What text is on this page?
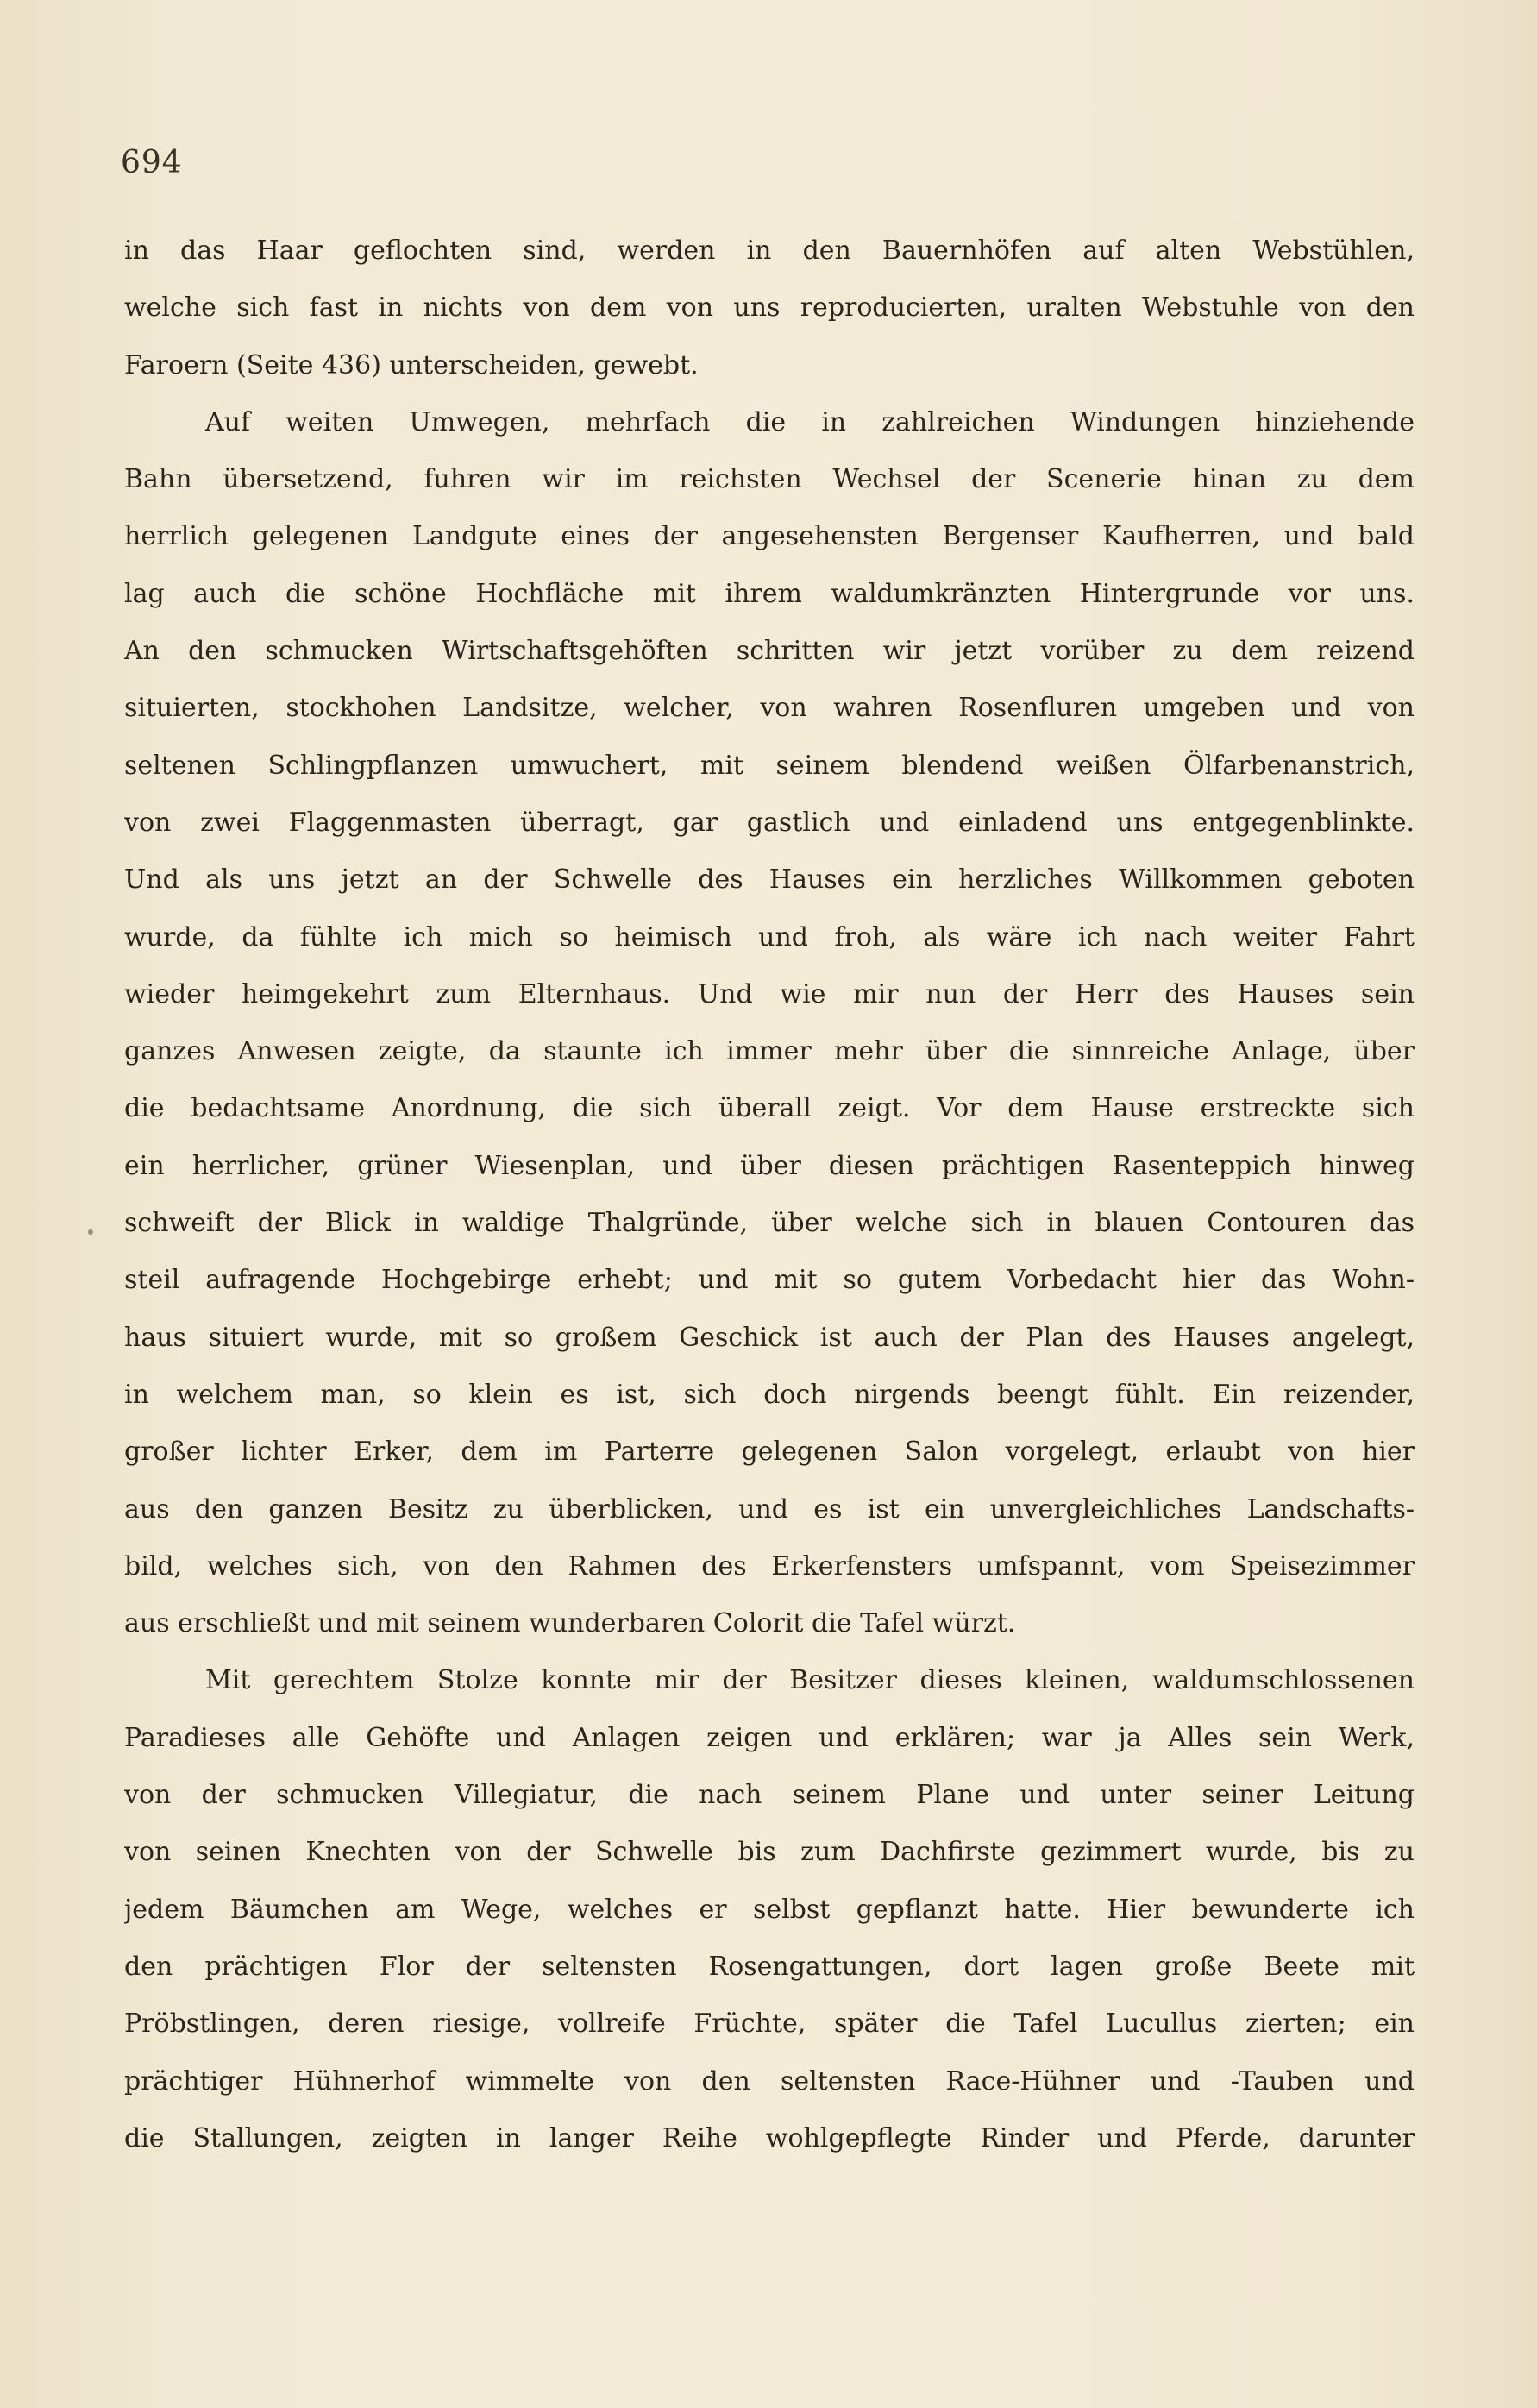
694
in das Haar geflochten sind, werden in den Bauernhöfen auf alten Webstühlen,
welche sich fast in nichts von dem von uns reproducierten, uralten Webstuhle von den
Faroern (Seite 436) unterscheiden, gewebt.
Auf weiten Umwegen, mehrfach die in zahlreichen Windungen hinziehende
Bahn übersetzend, fuhren wir im reichsten Wechsel der Scenerie hinan zu dem
herrlich gelegenen Landgute eines der angesehensten Bergenser Kaufherren, und bald
lag auch die schöne Hochfläche mit ihrem waldumkränzten Hintergrunde vor uns.
An den schmucken Wirtschaftsgehöften schritten wir jetzt vorüber zu dem reizend
situierten, stockhohen Landsitze, welcher, von wahren Rosenfluren umgeben und von
seltenen Schlingpflanzen umwuchert, mit seinem blendend weißen Ölfarbenanstrich,
von zwei Flaggenmasten überragt, gar gastlich und einladend uns entgegenblinkte.
Und als uns jetzt an der Schwelle des Hauses ein herzliches Willkommen geboten
wurde, da fühlte ich mich so heimisch und froh, als wäre ich nach weiter Fahrt
wieder heimgekehrt zum Elternhaus. Und wie mir nun der Herr des Hauses sein
ganzes Anwesen zeigte, da staunte ich immer mehr über die sinnreiche Anlage, über
die bedachtsame Anordnung, die sich überall zeigt. Vor dem Hause erstreckte sich
ein herrlicher, grüner Wiesenplan, und über diesen prächtigen Rasenteppich hinweg
schweift der Blick in waldige Thalgründe, über welche sich in blauen Contouren das
steil aufragende Hochgebirge erhebt; und mit so gutem Vorbedacht hier das Wohn-
haus situiert wurde, mit so großem Geschick ist auch der Plan des Hauses angelegt,
in welchem man, so klein es ist, sich doch nirgends beengt fühlt. Ein reizender,
großer lichter Erker, dem im Parterre gelegenen Salon vorgelegt, erlaubt von hier
aus den ganzen Besitz zu überblicken, und es ist ein unvergleichliches Landschafts-
bild, welches sich, von den Rahmen des Erkerfensters umfspannt, vom Speisezimmer
aus erschließt und mit seinem wunderbaren Colorit die Tafel würzt.
Mit gerechtem Stolze konnte mir der Besitzer dieses kleinen, waldumschlossenen
Paradieses alle Gehöfte und Anlagen zeigen und erklären; war ja Alles sein Werk,
von der schmucken Villegiatur, die nach seinem Plane und unter seiner Leitung
von seinen Knechten von der Schwelle bis zum Dachfirste gezimmert wurde, bis zu
jedem Bäumchen am Wege, welches er selbst gepflanzt hatte. Hier bewunderte ich
den prächtigen Flor der seltensten Rosengattungen, dort lagen große Beete mit
Pröbstlingen, deren riesige, vollreife Früchte, später die Tafel Lucullus zierten; ein
prächtiger Hühnerhof wimmelte von den seltensten Race-Hühner und -Tauben und
die Stallungen, zeigten in langer Reihe wohlgepflegte Rinder und Pferde, darunter
